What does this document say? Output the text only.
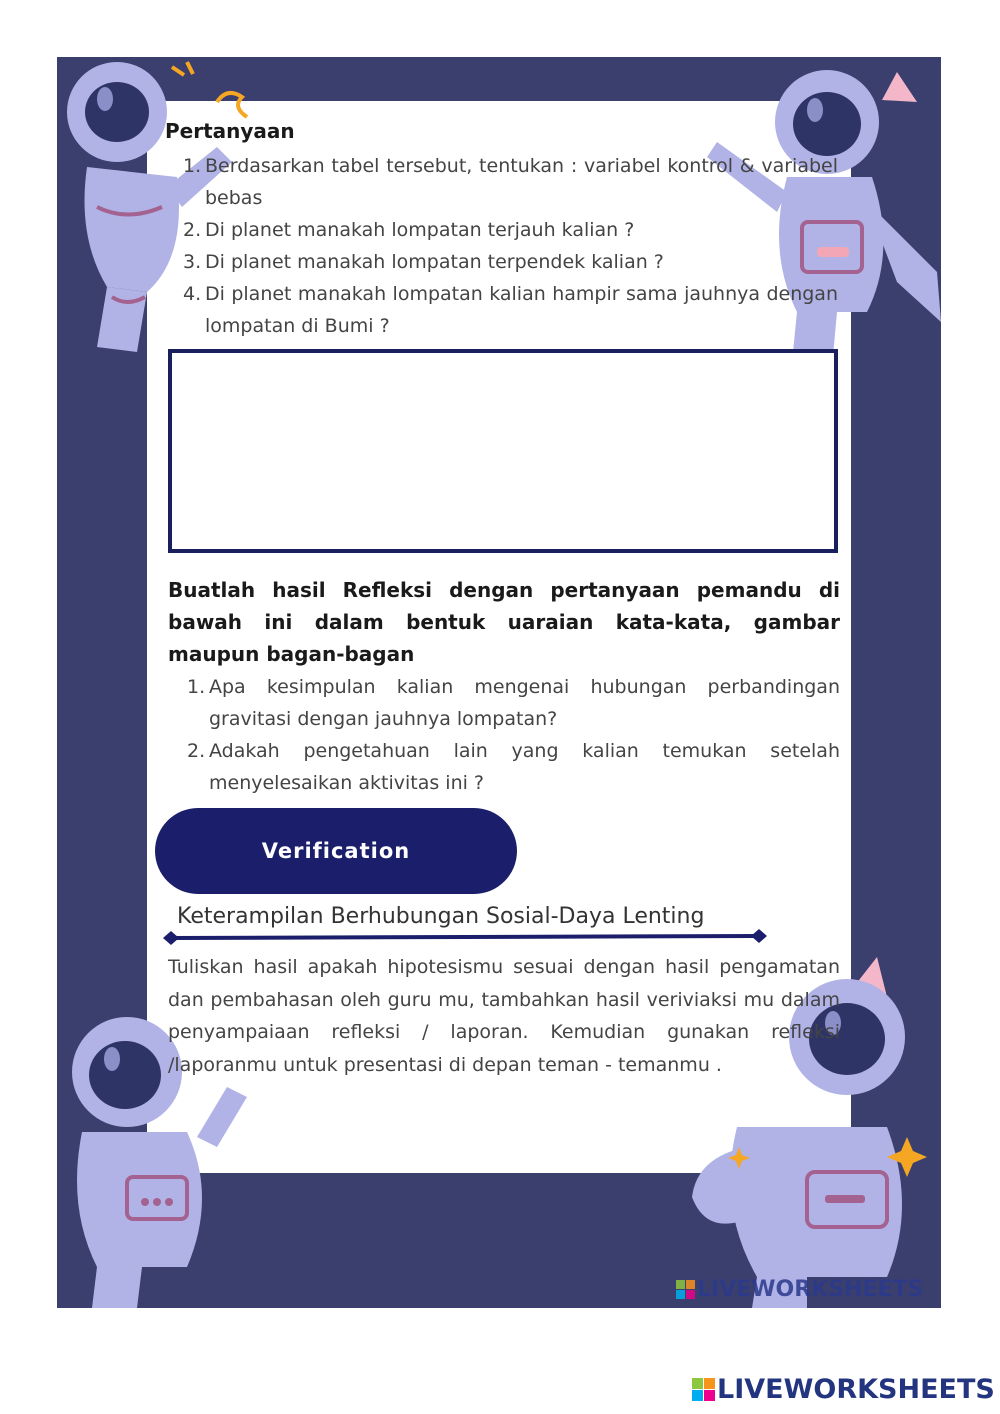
Pertanyaan
1. Berdasarkan tabel tersebut, tentukan : variabel kontrol & variabel bebas
2. Di planet manakah lompatan terjauh kalian ?
3. Di planet manakah lompatan terpendek kalian ?
4. Di planet manakah lompatan kalian hampir sama jauhnya dengan lompatan di Bumi ?

Buatlah hasil Refleksi dengan pertanyaan pemandu di bawah ini dalam bentuk uaraian kata-kata, gambar maupun bagan-bagan

1. Apa kesimpulan kalian mengenai hubungan perbandingan gravitasi dengan jauhnya lompatan?
2. Adakah pengetahuan lain yang kalian temukan setelah menyelesaikan aktivitas ini ?
Verification

Keterampilan Berhubungan Sosial-Daya Lenting

Tuliskan hasil apakah hipotesismu sesuai dengan hasil pengamatan dan pembahasan oleh guru mu, tambahkan hasil veriviaksi mu dalam penyampaiaan refleksi / laporan. Kemudian gunakan refleksi /laporanmu untuk presentasi di depan teman - temanmu .

LIVEWORKSHEETS
LIVEWORKSHEETS
